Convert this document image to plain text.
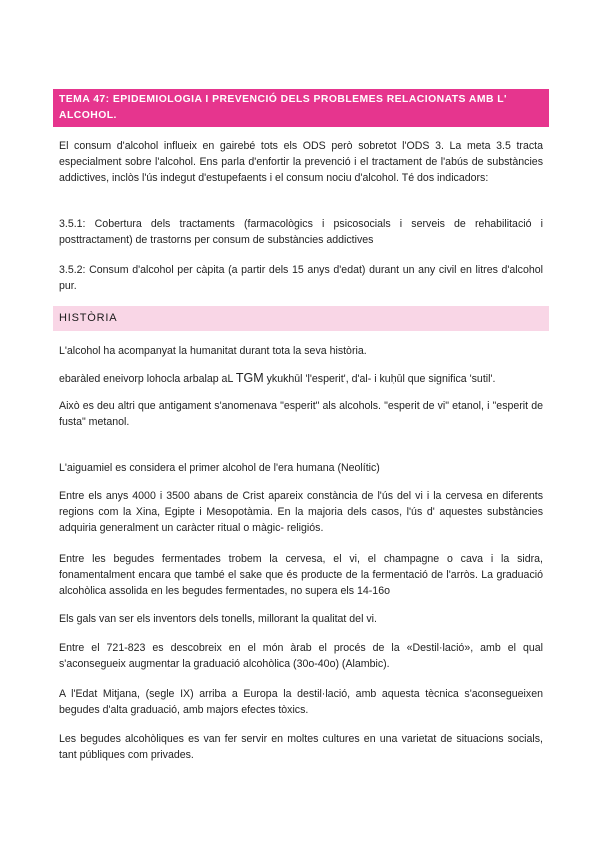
TEMA 47: EPIDEMIOLOGIA I PREVENCIÓ DELS PROBLEMES RELACIONATS AMB L' ALCOHOL.
El consum d'alcohol influeix en gairebé tots els ODS però sobretot l'ODS 3. La meta 3.5 tracta especialment sobre l'alcohol. Ens parla d'enfortir la prevenció i el tractament de l'abús de substàncies addictives, inclòs l'ús indegut d'estupefaents i el consum nociu d'alcohol. Té dos indicadors:
3.5.1: Cobertura dels tractaments (farmacològics i psicosocials i serveis de rehabilitació i posttractament) de trastorns per consum de substàncies addictives
3.5.2: Consum d'alcohol per càpita (a partir dels 15 anys d'edat) durant un any civil en litres d'alcohol pur.
HISTÒRIA
L'alcohol ha acompanyat la humanitat durant tota la seva història.
ebaràled eneivorp lohocla arbalap aL TGM ykukhūl 'l'esperit', d'al- i kuḥūl que significa 'sutil'.
Això es deu altri que antigament s'anomenava "esperit" als alcohols. "esperit de vi" etanol, i "esperit de fusta" metanol.
L'aiguamiel es considera el primer alcohol de l'era humana (Neolític)
Entre els anys 4000 i 3500 abans de Crist apareix constància de l'ús del vi i la cervesa en diferents regions com la Xina, Egipte i Mesopotàmia. En la majoria dels casos, l'ús d' aquestes substàncies adquiria generalment un caràcter ritual o màgic- religiós.
Entre les begudes fermentades trobem la cervesa, el vi, el champagne o cava i la sidra, fonamentalment encara que també el sake que és producte de la fermentació de l'arròs. La graduació alcohòlica assolida en les begudes fermentades, no supera els 14-16o
Els gals van ser els inventors dels tonells, millorant la qualitat del vi.
Entre el 721-823 es descobreix en el món àrab el procés de la «Destil·lació», amb el qual s'aconsegueix augmentar la graduació alcohòlica (30o-40o) (Alambic).
A l'Edat Mitjana, (segle IX) arriba a Europa la destil·lació, amb aquesta tècnica s'aconsegueixen begudes d'alta graduació, amb majors efectes tòxics.
Les begudes alcohòliques es van fer servir en moltes cultures en una varietat de situacions socials, tant públiques com privades.
